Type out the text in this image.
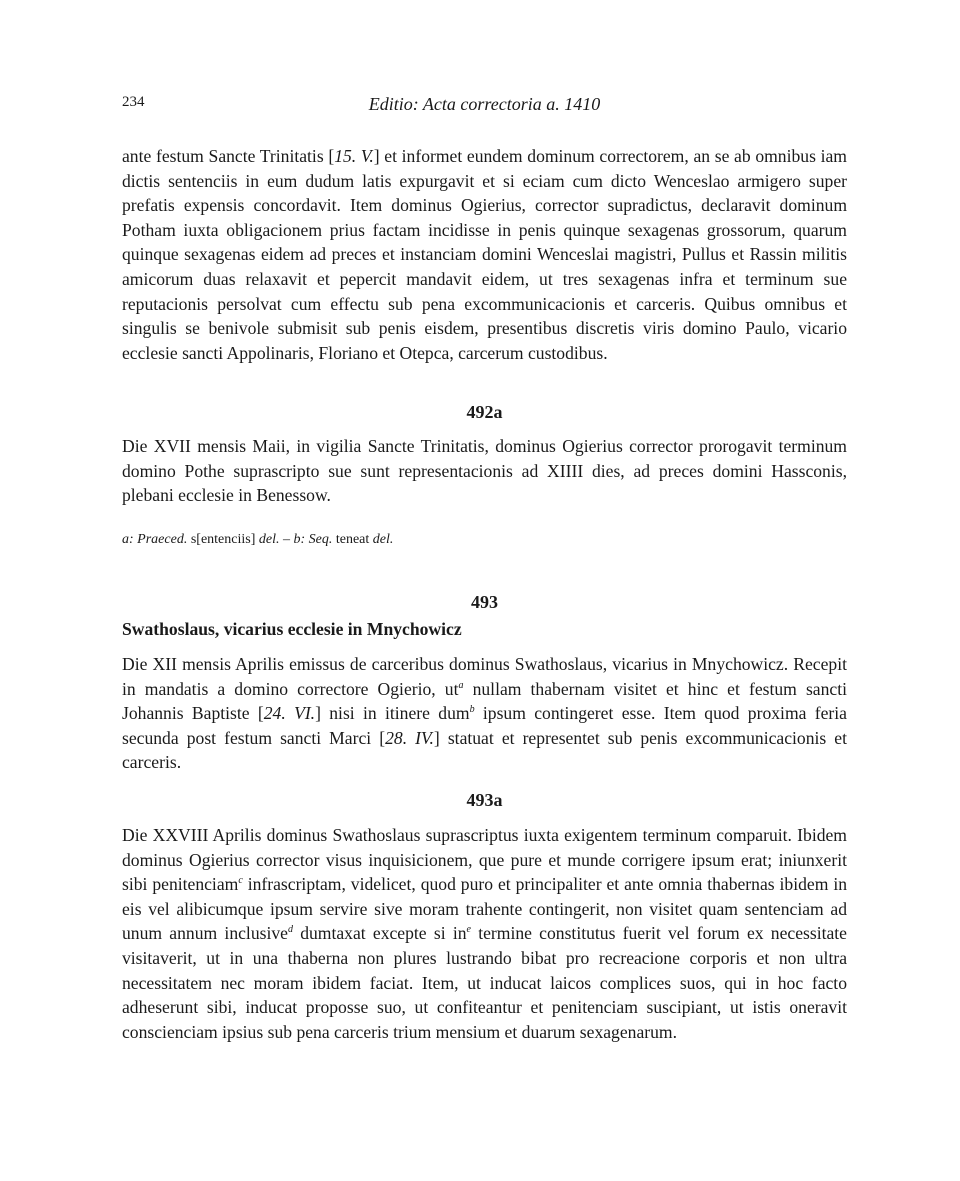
234	Editio: Acta correctoria a. 1410
ante festum Sancte Trinitatis [15. V.] et informet eundem dominum correctorem, an se ab omnibus iam dictis sentenciis in eum dudum latis expurgavit et si eciam cum dicto Wenceslao armigero super prefatis expensis concordavit. Item dominus Ogierius, corrector supradictus, declaravit dominum Potham iuxta obligacionem prius factam incidisse in penis quinque sexagenas grossorum, quarum quinque sexagenas eidem ad preces et instanciam domini Wenceslai magistri, Pullus et Rassin militis amicorum duas relaxavit et pepercit mandavit eidem, ut tres sexagenas infra et terminum sue reputacionis persolvat cum effectu sub pena excommunicacionis et carceris. Quibus omnibus et singulis se benivole submisit sub penis eisdem, presentibus discretis viris domino Paulo, vicario ecclesie sancti Appolinaris, Floriano et Otepca, carcerum custodibus.
492a
Die XVII mensis Maii, in vigilia Sancte Trinitatis, dominus Ogierius corrector prorogavit terminum domino Pothe suprascripto sue sunt representacionis ad XIIII dies, ad preces domini Hassconis, plebani ecclesie in Benessow.
a: Praeced. s[entenciis] del. – b: Seq. teneat del.
493
Swathoslaus, vicarius ecclesie in Mnychowicz
Die XII mensis Aprilis emissus de carceribus dominus Swathoslaus, vicarius in Mnychowicz. Recepit in mandatis a domino correctore Ogierio, $ut^a$ nullam thabernam visitet et hinc et festum sancti Johannis Baptiste [24. VI.] nisi in itinere dum$^b$ ipsum contingeret esse. Item quod proxima feria secunda post festum sancti Marci [28. IV.] statuat et representet sub penis excommunicacionis et carceris.
493a
Die XXVIII Aprilis dominus Swathoslaus suprascriptus iuxta exigentem terminum comparuit. Ibidem dominus Ogierius corrector visus inquisicionem, que pure et munde corrigere ipsum erat; iniunxerit sibi penitenciam$^c$ infrascriptam, videlicet, quod puro et principaliter et ante omnia thabernas ibidem in eis vel alibicumque ipsum servire sive moram trahente contingerit, non visitet quam sentenciam ad unum annum inclusive$^d$ dumtaxat excepte si $in^e$ termine constitutus fuerit vel forum ex necessitate visitaverit, ut in una thaberna non plures lustrando bibat pro recreacione corporis et non ultra necessitatem nec moram ibidem faciat. Item, ut inducat laicos complices suos, qui in hoc facto adheserunt sibi, inducat propossе suo, ut confiteantur et penitenciam suscipiant, ut istis oneravit conscienciam ipsius sub pena carceris trium mensium et duarum sexagenarum.
